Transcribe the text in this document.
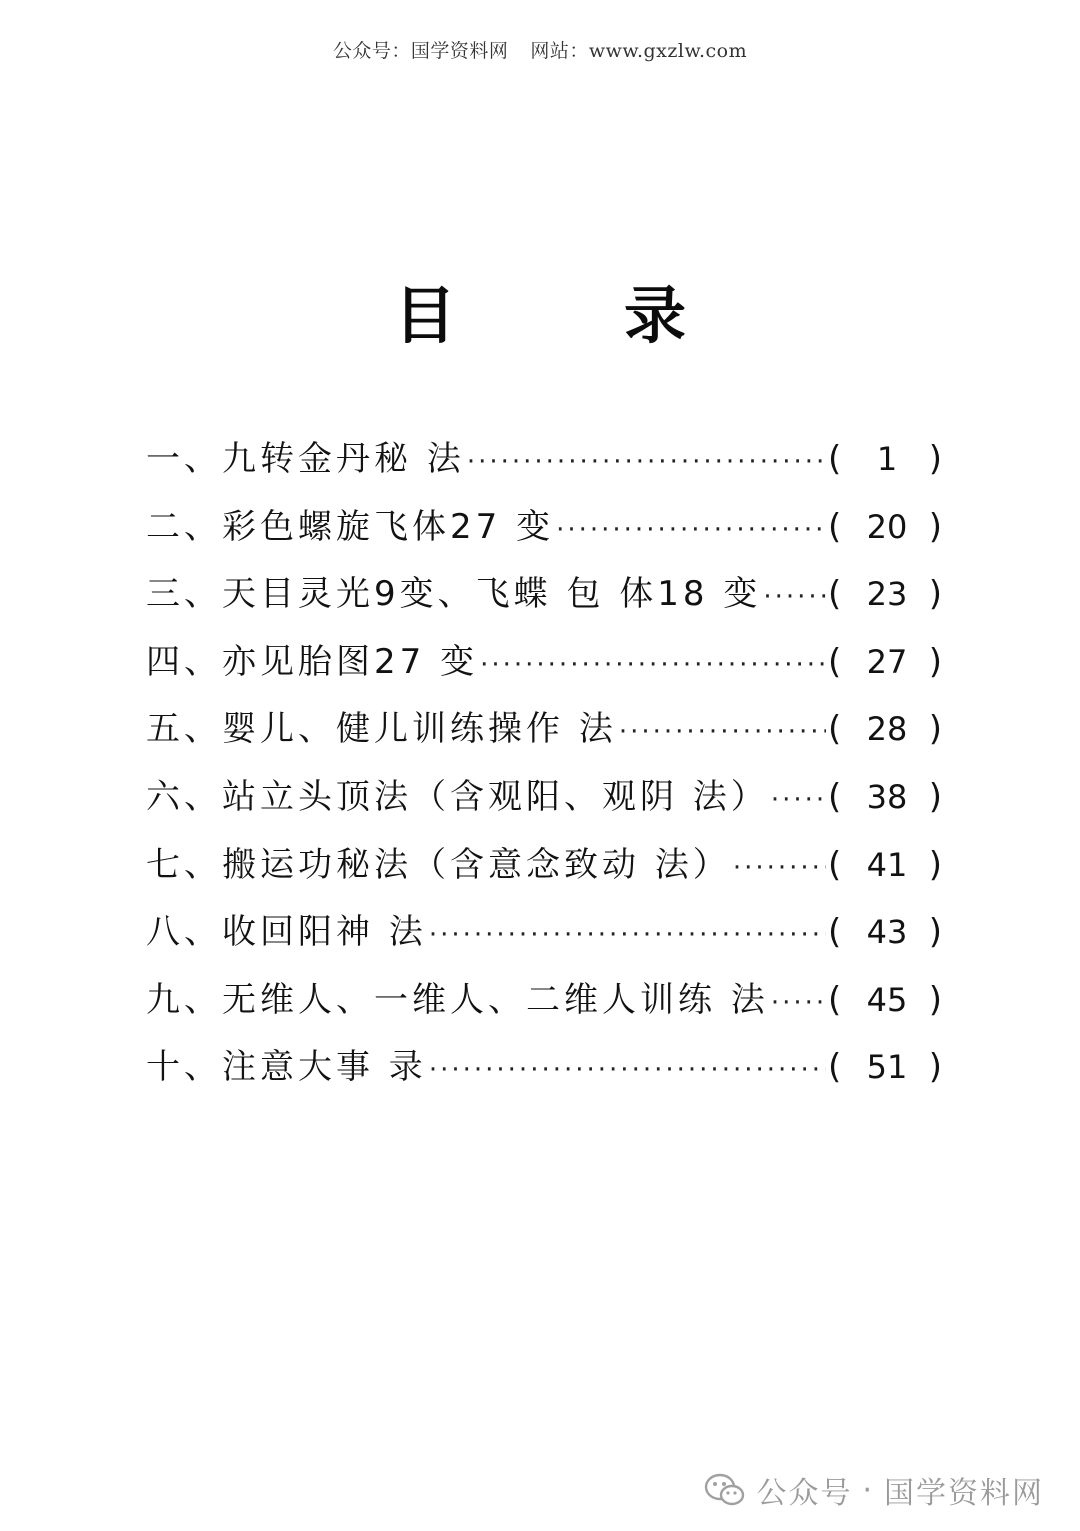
公众号：国学资料网 网站：www.gxzlw.com
目	录
一、 九转金丹秘 法 ·····	( 1 )
二、 彩色螺旋飞体27 变 ·····	( 20 )
三、 天目灵光9变、飞蝶 包 体18 变 ····· ( 23 )
四、 亦见胎图27 变 ·····	( 27 )
五、 婴儿、健儿训练操作 法 ·····	( 28 )
六、 站立头顶法（含观阳、观阴 法） ····· ( 38 )
七、 搬运功秘法（含意念致动 法） ·····	( 41 )
八、 收回阳神 法 ·····	( 43 )
九、 无维人、一维人、二维人训练 法 ····· ( 45 )
十、 注意大事 录 ·····	( 51 )
公众号 · 国学资料网
